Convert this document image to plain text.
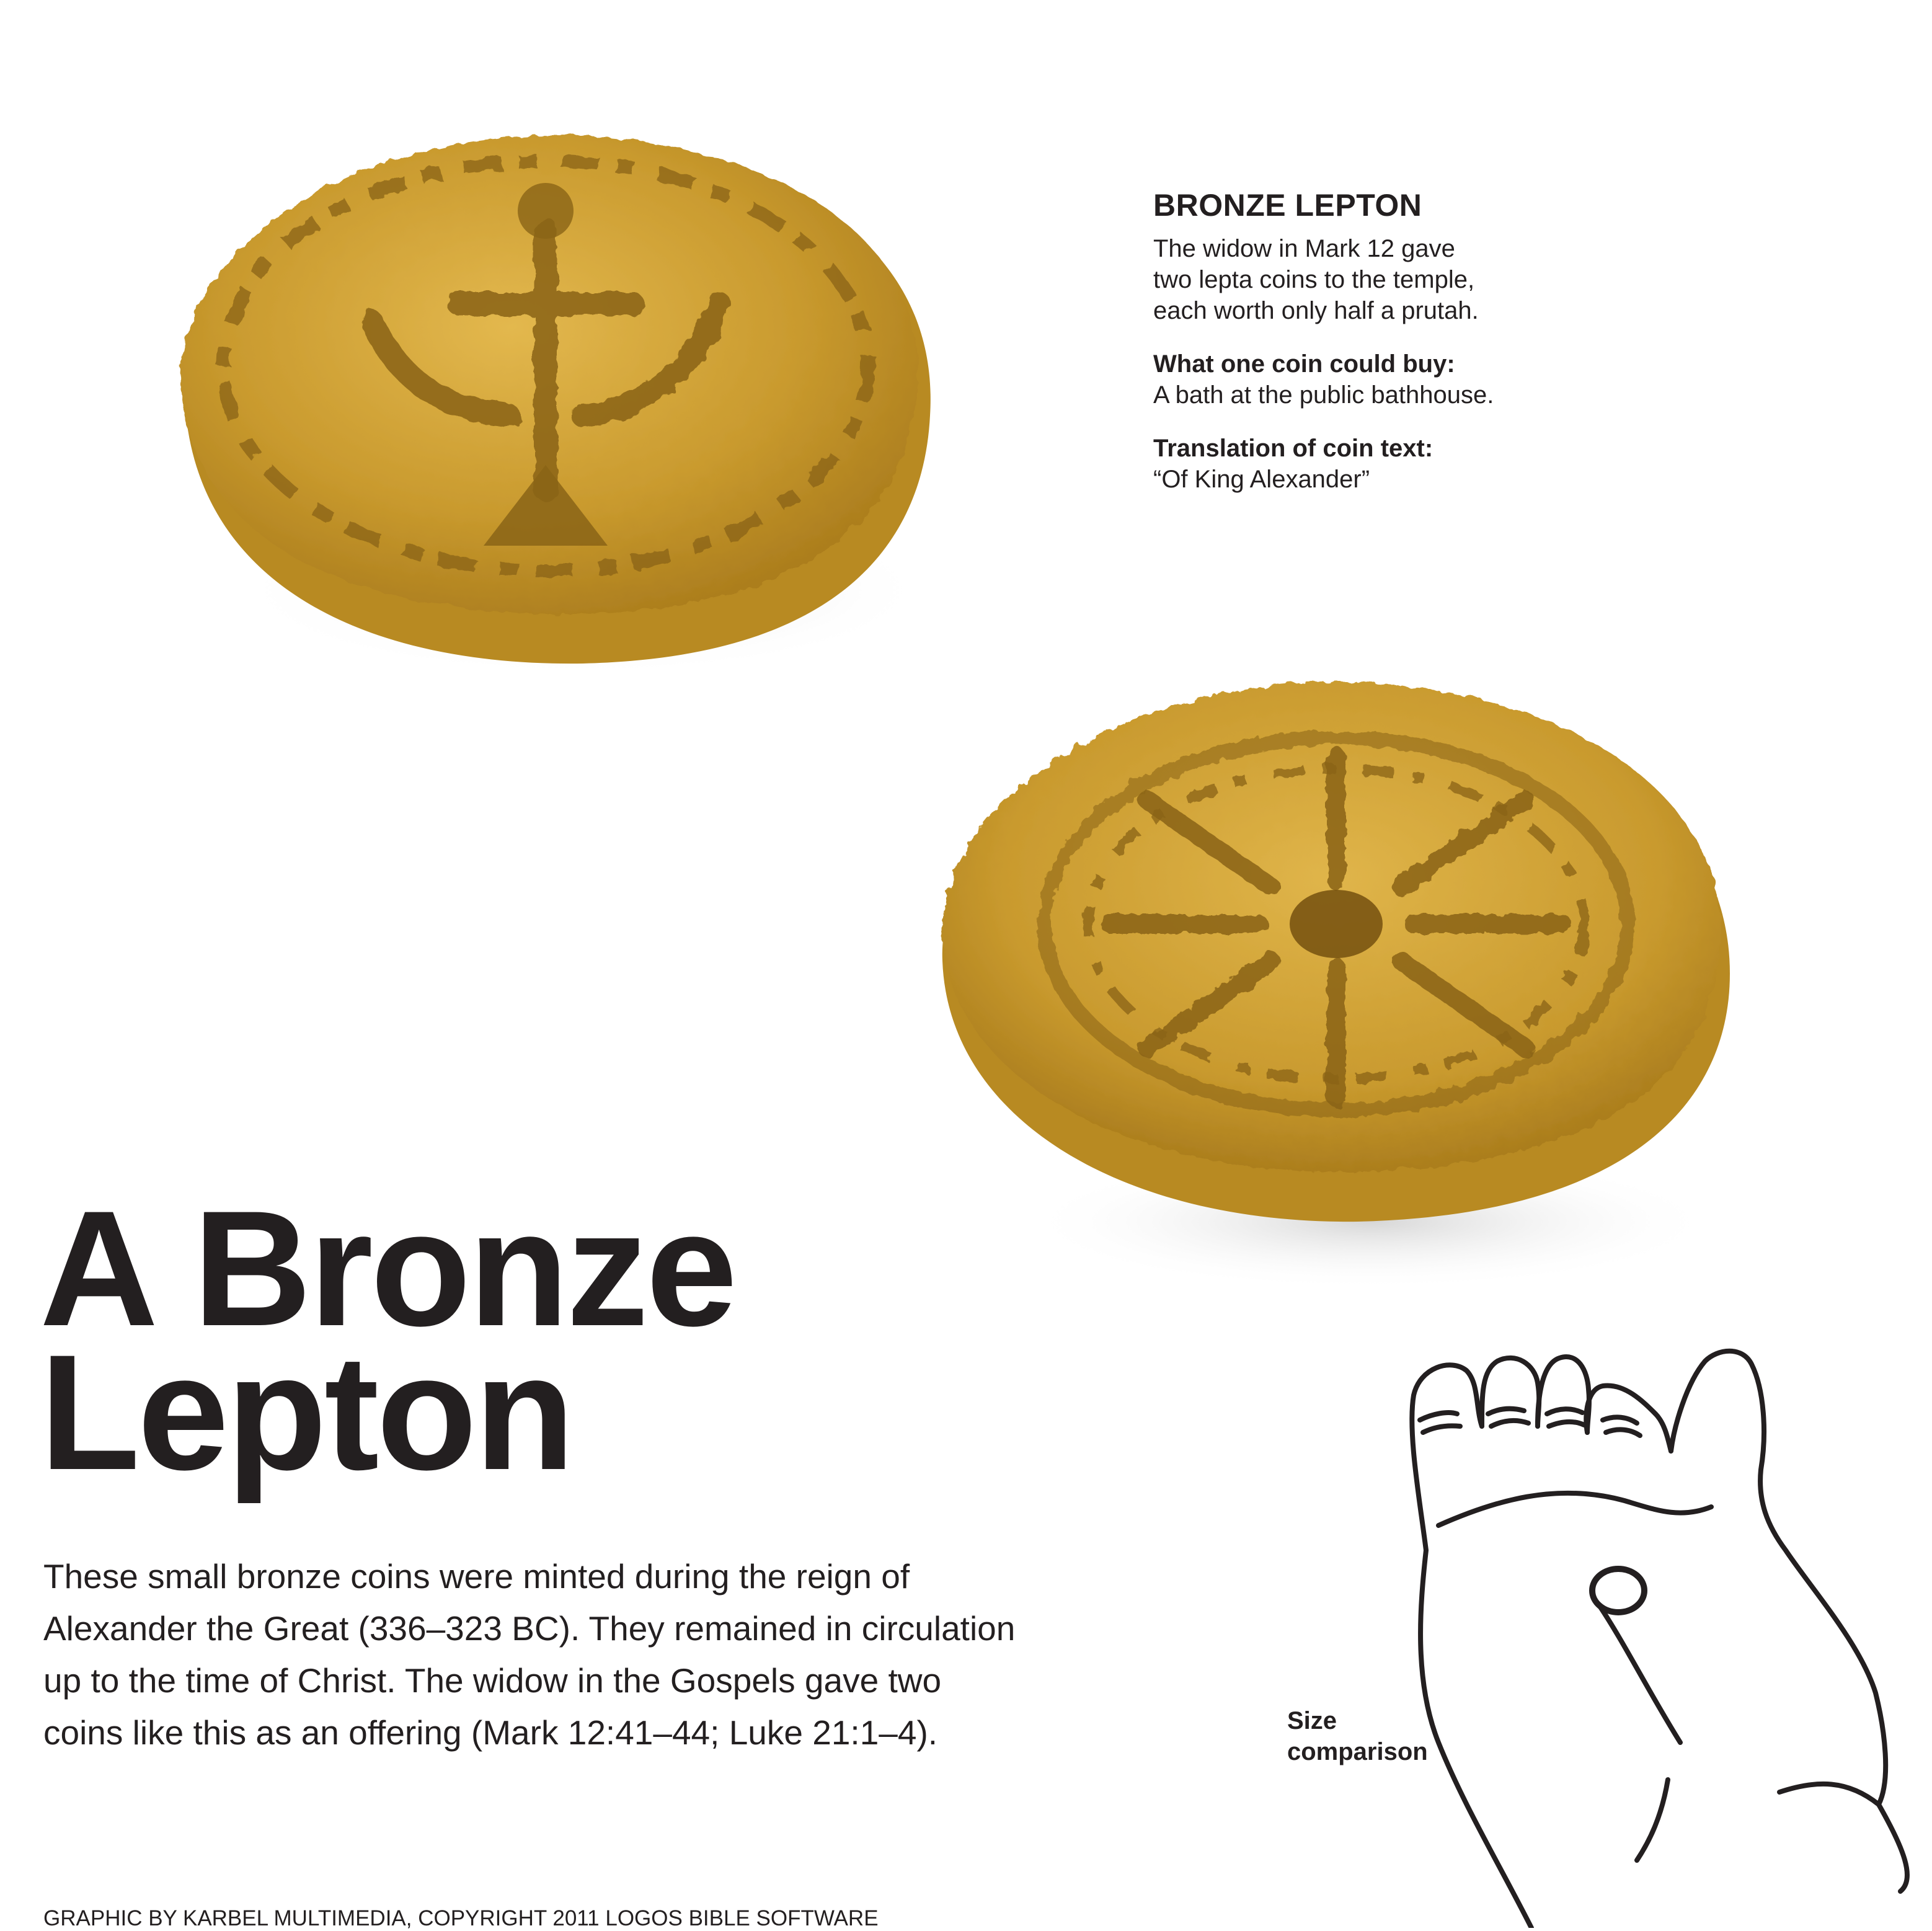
BRONZE LEPTON

The widow in Mark 12 gave

two lepta coins to the temple,

each worth only half a prutah.

What one coin could buy:

A bath at the public bathhouse.

Translation of coin text:

“Of King Alexander”

A Bronze
Lepton
These small bronze coins were minted during the reign of
Alexander the Great (336–323 BC). They remained in circulation
up to the time of Christ. The widow in the Gospels gave two
coins like this as an offering (Mark 12:41–44; Luke 21:1–4).	Size
comparison

GRAPHIC BY KARBEL MULTIMEDIA, COPYRIGHT 2011 LOGOS BIBLE SOFTWARE
